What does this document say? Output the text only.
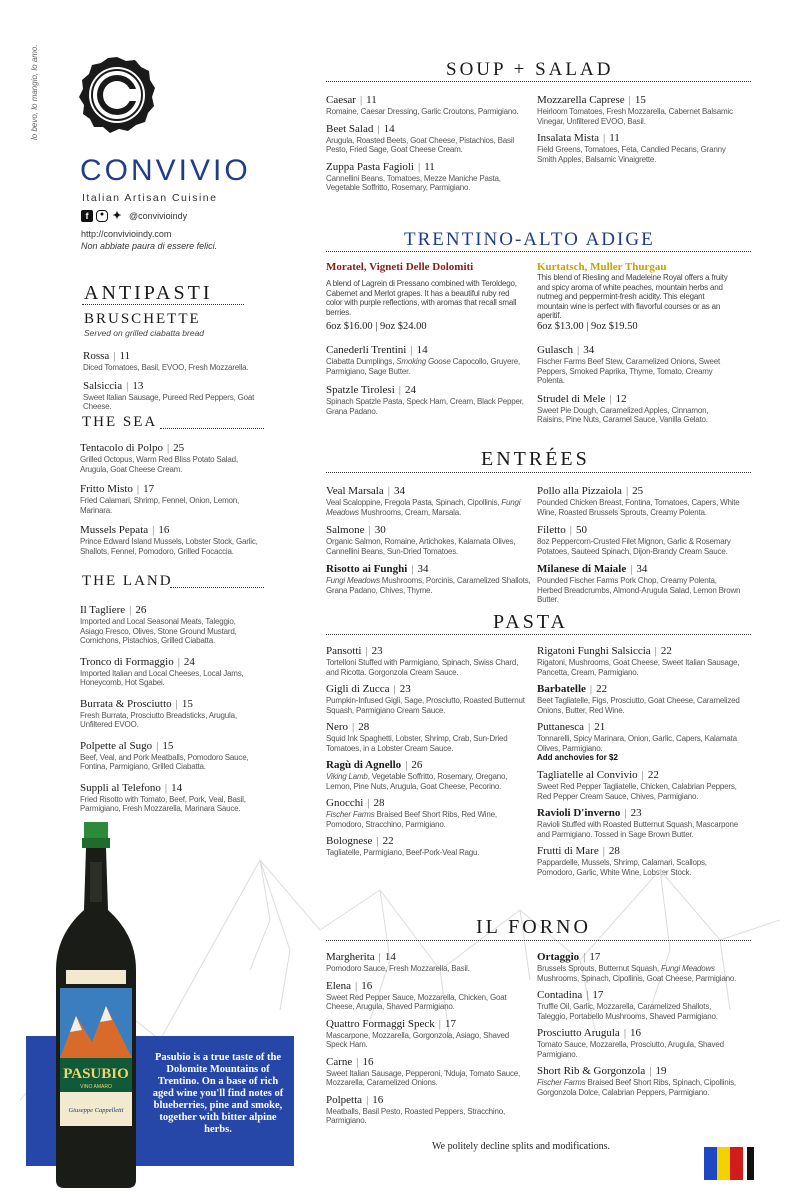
lo bevo, lo mangio, lo amo.
CONVIVIO
Italian Artisan Cuisine
f	● ✦ @convivioindy
http://convivioindy.com
Non abbiate paura di essere felici.
ANTIPASTI
BRUSCHETTE
Served on grilled ciabatta bread
Rossa | 11
Diced Tomatoes, Basil, EVOO, Fresh Mozzarella.
Salsiccia | 13
Sweet Italian Sausage, Pureed Red Peppers, Goat Cheese.
THE SEA
Tentacolo di Polpo | 25
Grilled Octopus, Warm Red Bliss Potato Salad, Arugula, Goat Cheese Cream.
Fritto Misto | 17
Fried Calamari, Shrimp, Fennel, Onion, Lemon, Marinara.
Mussels Pepata | 16
Prince Edward Island Mussels, Lobster Stock, Garlic, Shallots, Fennel, Pomodoro, Grilled Focaccia.
THE LAND
Il Tagliere | 26
Imported and Local Seasonal Meats, Taleggio, Asiago Fresco, Olives, Stone Ground Mustard, Cornichons, Pistachios, Grilled Ciabatta.
Tronco di Formaggio | 24
Imported Italian and Local Cheeses, Local Jams, Honeycomb, Hot Sgabei.
Burrata & Prosciutto | 15
Fresh Burrata, Prosciutto Breadsticks, Arugula, Unfiltered EVOO.
Polpette al Sugo | 15
Beef, Veal, and Pork Meatballs, Pomodoro Sauce, Fontina, Parmigiano, Grilled Ciabatta.
Suppli al Telefono | 14
Fried Risotto with Tomato, Beef, Pork, Veal, Basil, Parmigiano, Fresh Mozzarella, Marinara Sauce.
SOUP + SALAD
Caesar | 11
Romaine, Caesar Dressing, Garlic Croutons, Parmigiano.
Beet Salad | 14
Arugula, Roasted Beets, Goat Cheese, Pistachios, Basil Pesto, Fried Sage, Goat Cheese Cream.
Zuppa Pasta Fagioli | 11
Cannellini Beans, Tomatoes, Mezze Maniche Pasta, Vegetable Soffritto, Rosemary, Parmigiano.
Mozzarella Caprese | 15
Heirloom Tomatoes, Fresh Mozzarella, Cabernet Balsamic Vinegar, Unfiltered EVOO, Basil.
Insalata Mista | 11
Field Greens, Tomatoes, Feta, Candied Pecans, Granny Smith Apples, Balsamic Vinaigrette.
TRENTINO-ALTO ADIGE
Moratel, Vigneti Delle Dolomiti
A blend of Lagrein di Pressano combined with Teroldego, Cabernet and Merlot grapes. It has a beautiful ruby red color with purple reflections, with aromas that recall small berries.
6oz $16.00 | 9oz $24.00
Kurtatsch, Muller Thurgau
This blend of Riesling and Madeleine Royal offers a fruity and spicy aroma of white peaches, mountain herbs and nutmeg and peppermint-fresh acidity. This elegant mountain wine is perfect with flavorful courses or as an aperitif.
6oz $13.00 | 9oz $19.50
Canederli Trentini | 14
Ciabatta Dumplings, Smoking Goose Capocollo, Gruyere, Parmigiano, Sage Butter.
Spatzle Tirolesi | 24
Spinach Spatzle Pasta, Speck Ham, Cream, Black Pepper, Grana Padano.
Gulasch | 34
Fischer Farms Beef Stew, Caramelized Onions, Sweet Peppers, Smoked Paprika, Thyme, Tomato, Creamy Polenta.
Strudel di Mele | 12
Sweet Pie Dough, Caramelized Apples, Cinnamon, Raisins, Pine Nuts, Caramel Sauce, Vanilla Gelato.
ENTRÉES
Veal Marsala | 34
Veal Scaloppine, Fregola Pasta, Spinach, Cipollinis, Fungi Meadows Mushrooms, Cream, Marsala.
Salmone | 30
Organic Salmon, Romaine, Artichokes, Kalamata Olives, Cannellini Beans, Sun-Dried Tomatoes.
Risotto ai Funghi | 34
Fungi Meadows Mushrooms, Porcinis, Caramelized Shallots, Grana Padano, Chives, Thyme.
Pollo alla Pizzaiola | 25
Pounded Chicken Breast, Fontina, Tomatoes, Capers, White Wine, Roasted Brussels Sprouts, Creamy Polenta.
Filetto | 50
8oz Peppercorn-Crusted Filet Mignon, Garlic & Rosemary Potatoes, Sauteed Spinach, Dijon-Brandy Cream Sauce.
Milanese di Maiale | 34
Pounded Fischer Farms Pork Chop, Creamy Polenta, Herbed Breadcrumbs, Almond-Arugula Salad, Lemon Brown Butter.
PASTA
Pansotti | 23
Tortelloni Stuffed with Parmigiano, Spinach, Swiss Chard, and Ricotta. Gorgonzola Cream Sauce.
Gigli di Zucca | 23
Pumpkin-Infused Gigli, Sage, Prosciutto, Roasted Butternut Squash, Parmigiano Cream Sauce.
Nero | 28
Squid Ink Spaghetti, Lobster, Shrimp, Crab, Sun-Dried Tomatoes, in a Lobster Cream Sauce.
Ragù di Agnello | 26
Viking Lamb, Vegetable Soffritto, Rosemary, Oregano, Lemon, Pine Nuts, Arugula, Goat Cheese, Pecorino.
Gnocchi | 28
Fischer Farms Braised Beef Short Ribs, Red Wine, Pomodoro, Stracchino, Parmigiano.
Bolognese | 22
Tagliatelle, Parmigiano, Beef-Pork-Veal Ragu.
Rigatoni Funghi Salsiccia | 22
Rigatoni, Mushrooms, Goat Cheese, Sweet Italian Sausage, Pancetta, Cream, Parmigiano.
Barbatelle | 22
Beet Tagliatelle, Figs, Prosciutto, Goat Cheese, Caramelized Onions, Butter, Red Wine.
Puttanesca | 21
Tonnarelli, Spicy Marinara, Onion, Garlic, Capers, Kalamata Olives, Parmigiano.
Add anchovies for $2
Tagliatelle al Convivio | 22
Sweet Red Pepper Tagliatelle, Chicken, Calabrian Peppers, Red Pepper Cream Sauce, Chives, Parmigiano.
Ravioli D'inverno | 23
Ravioli Stuffed with Roasted Butternut Squash, Mascarpone and Parmigiano. Tossed in Sage Brown Butter.
Frutti di Mare | 28
Pappardelle, Mussels, Shrimp, Calamari, Scallops, Pomodoro, Garlic, White Wine, Lobster Stock.
IL FORNO
Margherita | 14
Pomodoro Sauce, Fresh Mozzarella, Basil.
Elena | 16
Sweet Red Pepper Sauce, Mozzarella, Chicken, Goat Cheese, Arugula, Shaved Parmigiano.
Quattro Formaggi Speck | 17
Mascarpone, Mozzarella, Gorgonzola, Asiago, Shaved Speck Ham.
Carne | 16
Sweet Italian Sausage, Pepperoni, 'Nduja, Tomato Sauce, Mozzarella, Caramelized Onions.
Polpetta | 16
Meatballs, Basil Pesto, Roasted Peppers, Stracchino, Parmigiano.
Ortaggio | 17
Brussels Sprouts, Butternut Squash, Fungi Meadows Mushrooms, Spinach, Cipollinis, Goat Cheese, Parmigiano.
Contadina | 17
Truffle Oil, Garlic, Mozzarella, Caramelized Shallots, Taleggio, Portabello Mushrooms, Shaved Parmigiano.
Prosciutto Arugula | 16
Tomato Sauce, Mozzarella, Prosciutto, Arugula, Shaved Parmigiano.
Short Rib & Gorgonzola | 19
Fischer Farms Braised Beef Short Ribs, Spinach, Cipollinis, Gorgonzola Dolce, Calabrian Peppers, Parmigiano.
PASUBIO
VINO AMARO
Giuseppe Cappelletti
Pasubio is a true taste of the Dolomite Mountains of Trentino. On a base of rich aged wine you'll find notes of blueberries, pine and smoke, together with bitter alpine herbs.
We politely decline splits and modifications.
